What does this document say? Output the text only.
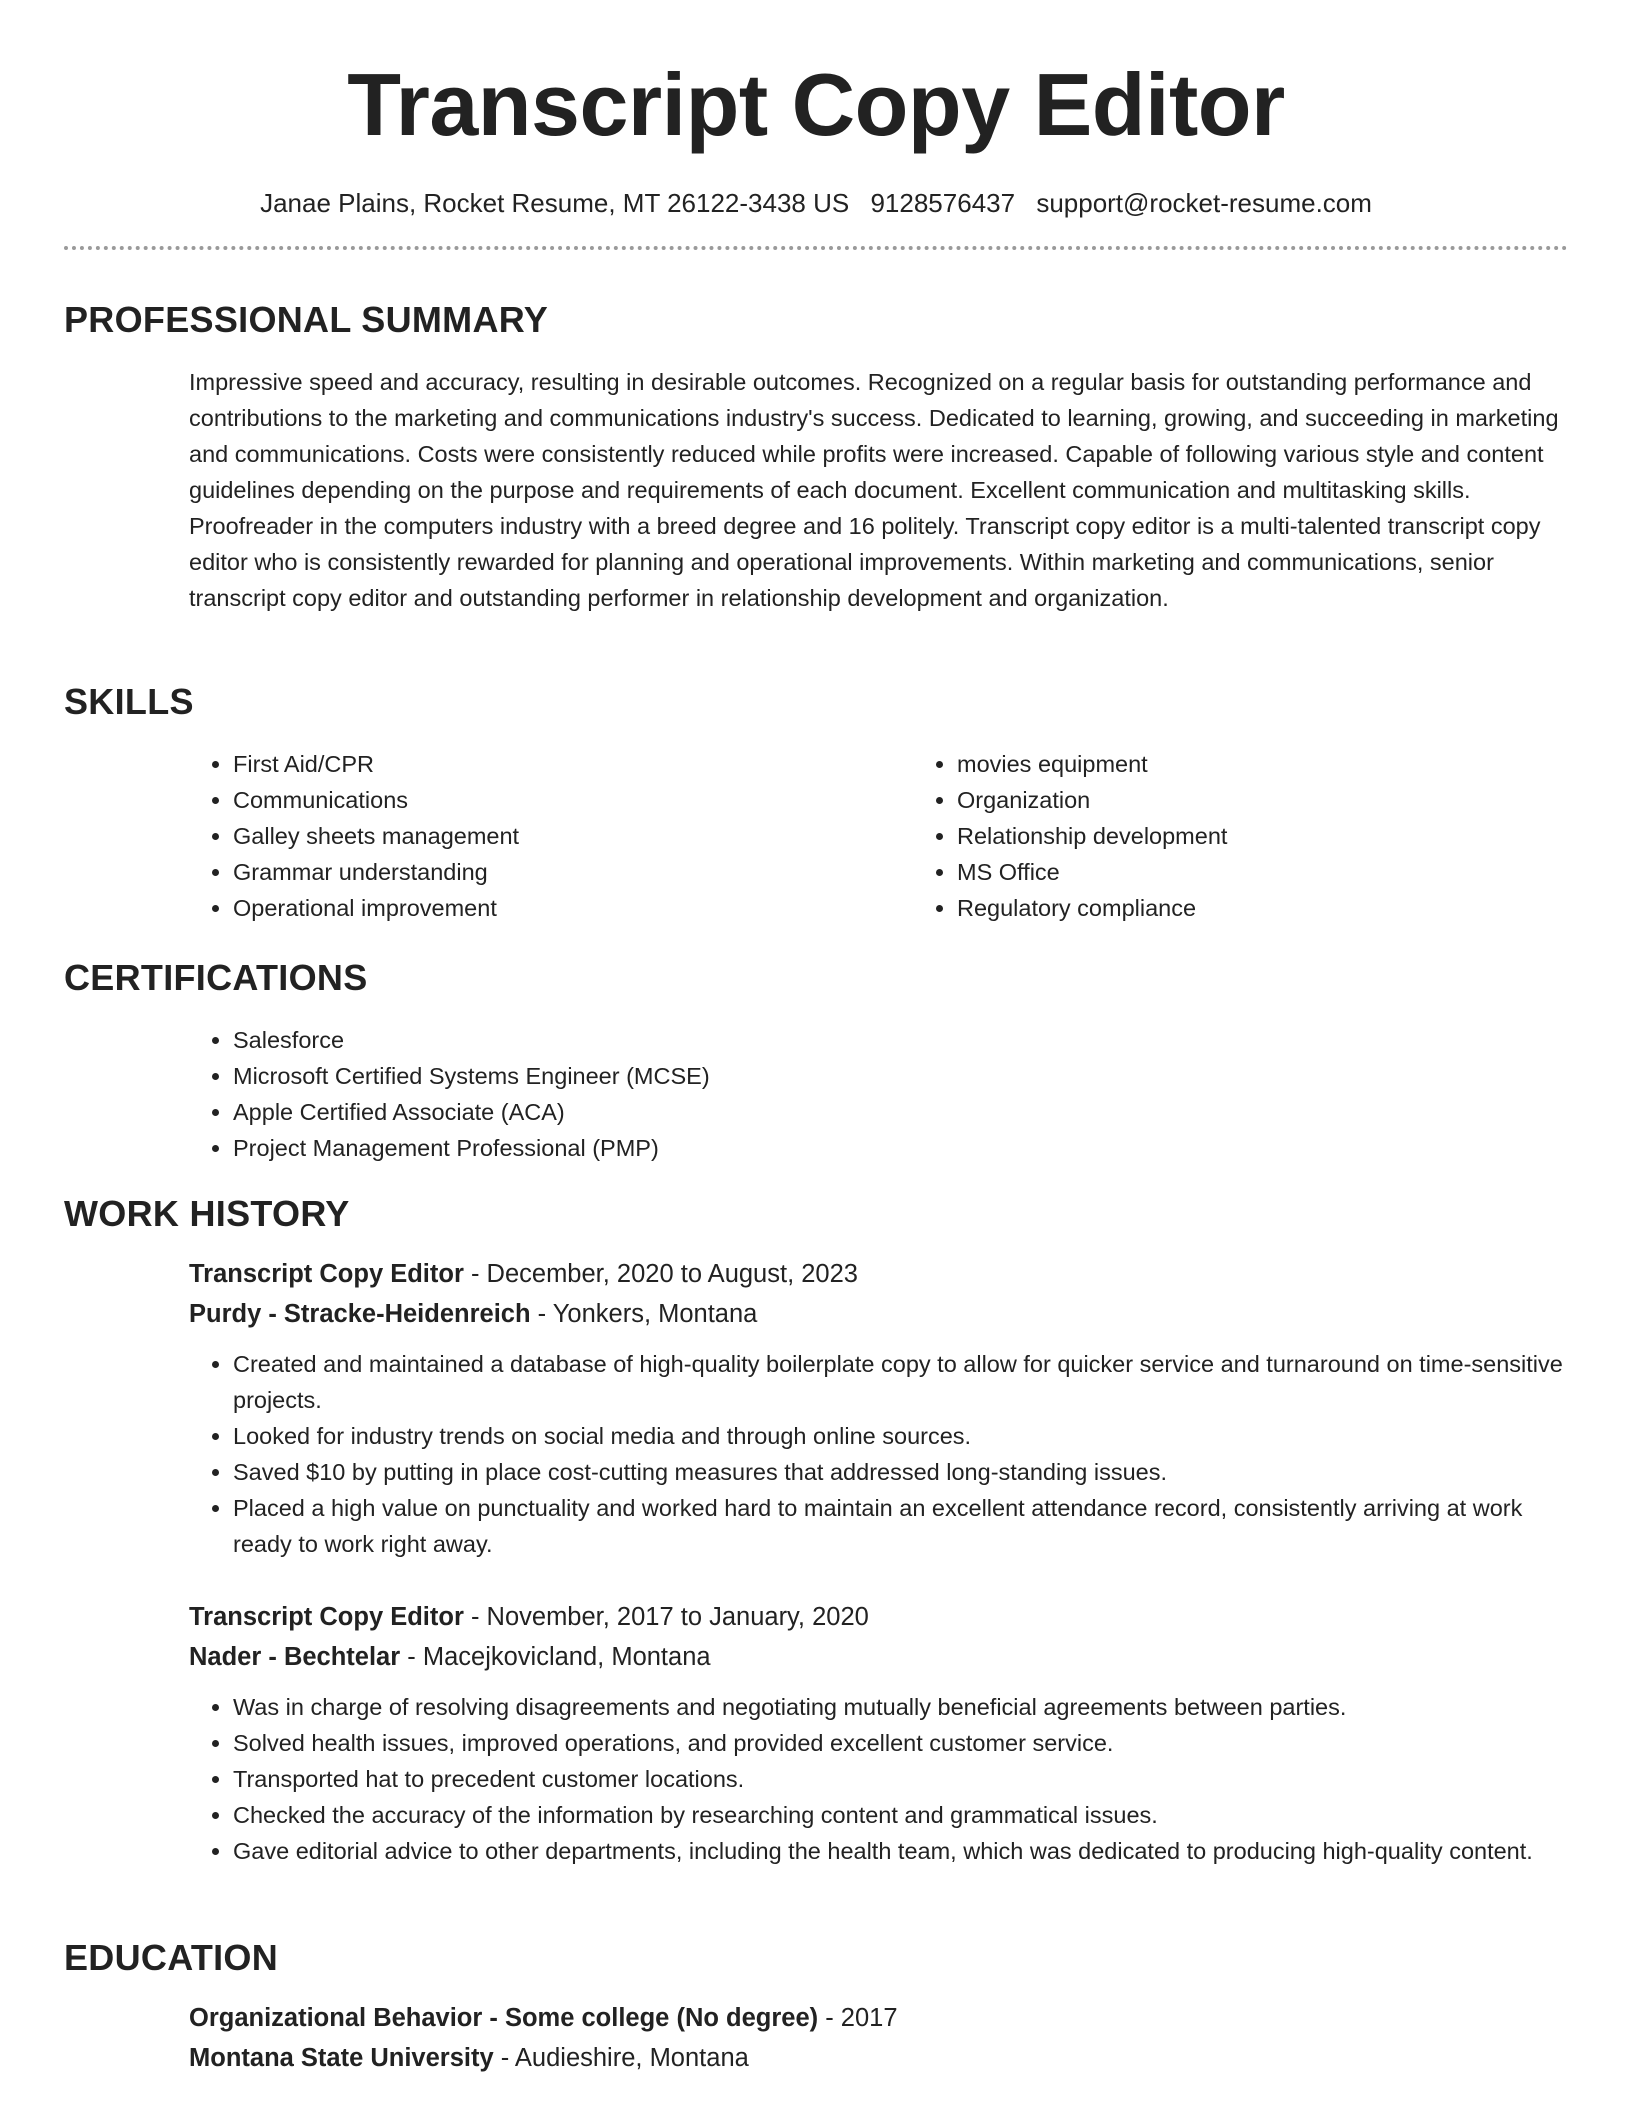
Transcript Copy Editor
Janae Plains, Rocket Resume, MT 26122-3438 US 9128576437 support@rocket-resume.com
PROFESSIONAL SUMMARY

Impressive speed and accuracy, resulting in desirable outcomes. Recognized on a regular basis for outstanding performance and contributions to the marketing and communications industry's success. Dedicated to learning, growing, and succeeding in marketing and communications. Costs were consistently reduced while profits were increased. Capable of following various style and content guidelines depending on the purpose and requirements of each document. Excellent communication and multitasking skills. Proofreader in the computers industry with a breed degree and 16 politely. Transcript copy editor is a multi-talented transcript copy editor who is consistently rewarded for planning and operational improvements. Within marketing and communications, senior transcript copy editor and outstanding performer in relationship development and organization.

SKILLS
• First Aid/CPR
• Communications
• Galley sheets management
• Grammar understanding
• Operational improvement
• movies equipment
• Organization
• Relationship development
• MS Office
• Regulatory compliance
CERTIFICATIONS
• Salesforce
• Microsoft Certified Systems Engineer (MCSE)
• Apple Certified Associate (ACA)
• Project Management Professional (PMP)
WORK HISTORY
Transcript Copy Editor - December, 2020 to August, 2023
Purdy - Stracke-Heidenreich - Yonkers, Montana
• Created and maintained a database of high-quality boilerplate copy to allow for quicker service and turnaround on time-sensitive projects.
• Looked for industry trends on social media and through online sources.
• Saved $10 by putting in place cost-cutting measures that addressed long-standing issues.
• Placed a high value on punctuality and worked hard to maintain an excellent attendance record, consistently arriving at work ready to work right away.
Transcript Copy Editor - November, 2017 to January, 2020
Nader - Bechtelar - Macejkovicland, Montana
• Was in charge of resolving disagreements and negotiating mutually beneficial agreements between parties.
• Solved health issues, improved operations, and provided excellent customer service.
• Transported hat to precedent customer locations.
• Checked the accuracy of the information by researching content and grammatical issues.
• Gave editorial advice to other departments, including the health team, which was dedicated to producing high-quality content.
EDUCATION
Organizational Behavior - Some college (No degree) - 2017
Montana State University - Audieshire, Montana
